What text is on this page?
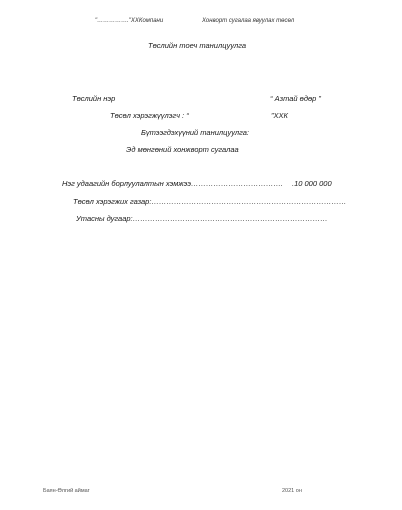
"……………."ХХКомпани	Хонворт сугалаа явуулах төсөл
Төслийн тоеч танилцуулга
Төслийн нэр	“ Азтай өдөр ”
Төсөл хэрэгжүүлэгч : “	”ХХК
Бүтээгдэхүүний танилцуулга:
Эд мөнгөний хонжворт сугалаа
Нэг удаагийн борлуулалтын хэмжээ………………………………. .10 000 000
Төсөл хэрэгжих газар:……………………………………………………………………
Утасны дугаар:……………………………………………………………………
Баян-Өлгий аймаг	2021 он
